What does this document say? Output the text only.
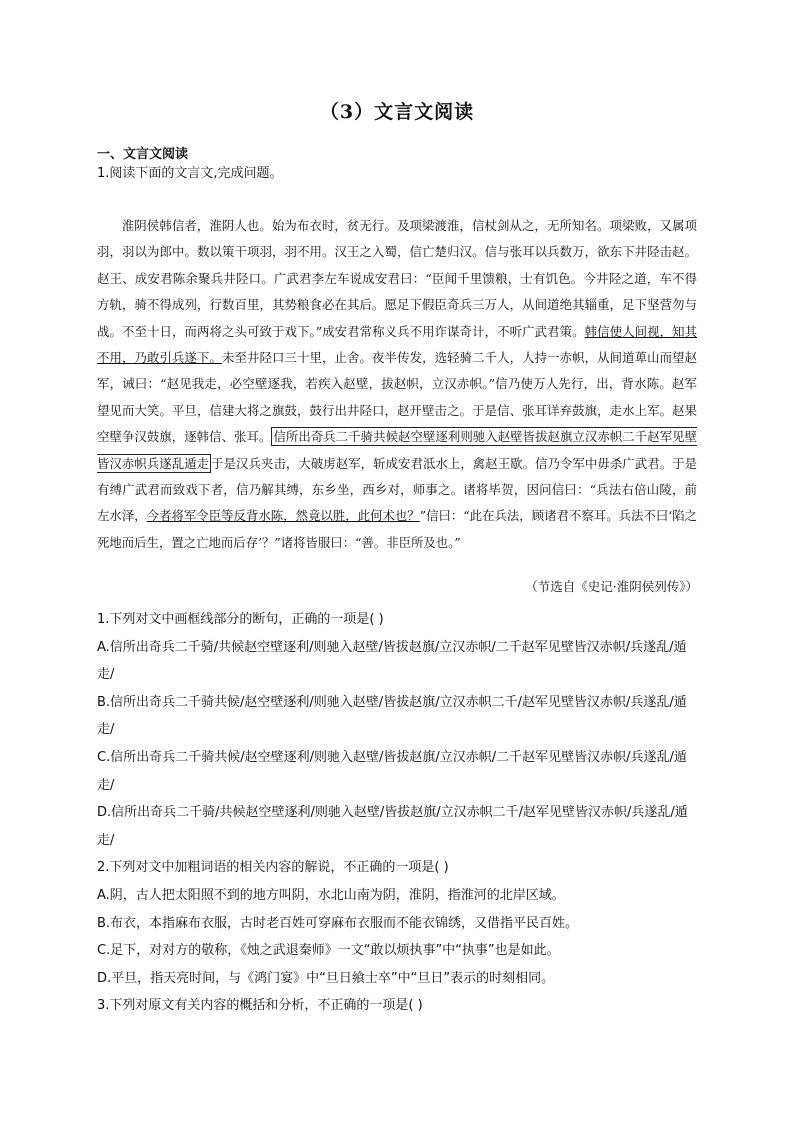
（3）文言文阅读
一、文言文阅读
1.阅读下面的文言文,完成问题。

淮阴侯韩信者，淮阴人也。始为布衣时，贫无行。及项梁渡淮，信杖剑从之，无所知名。项梁败，又属项羽，羽以为郎中。数以策干项羽，羽不用。汉王之入蜀，信亡楚归汉。信与张耳以兵数万，欲东下井陉击赵。赵王、成安君陈余聚兵井陉口。广武君李左车说成安君曰：“臣闻千里馈粮，士有饥色。今井陉之道，车不得方轨，骑不得成列，行数百里，其势粮食必在其后。愿足下假臣奇兵三万人，从间道绝其辎重，足下坚营勿与战。不至十日，而两将之头可致于戏下。”成安君常称义兵不用诈谋奇计，不听广武君策。韩信使人间视，知其不用，乃敢引兵遂下。未至井陉口三十里，止舍。夜半传发，选轻骑二千人，人持一赤帜，从间道萆山而望赵军，诫曰：“赵见我走，必空壁逐我，若疾入赵壁，拔赵帜，立汉赤帜。”信乃使万人先行，出，背水陈。赵军望见而大笑。平旦，信建大将之旗鼓，鼓行出井陉口，赵开壁击之。于是信、张耳详弃鼓旗，走水上军。赵果空壁争汉鼓旗，逐韩信、张耳。 信所出奇兵二千骑共候赵空壁逐利则驰入赵壁皆拔赵旗立汉赤帜二千赵军见壁皆汉赤帜兵遂乱遁走 于是汉兵夹击，大破虏赵军，斩成安君泜水上，禽赵王歇。信乃令军中毋杀广武君。于是有缚广武君而致戏下者，信乃解其缚，东乡坐，西乡对，师事之。诸将毕贺，因问信曰：“兵法右倍山陵，前左水泽，今者将军令臣等反背水陈，然竟以胜，此何术也？”信曰：“此在兵法，顾诸君不察耳。兵法不曰‘陷之死地而后生，置之亡地而后存’？”诸将皆服曰：“善。非臣所及也。”

（节选自《史记·淮阴侯列传》）

1.下列对文中画框线部分的断句，正确的一项是( )

A.信所出奇兵二千骑/共候赵空壁逐利/则驰入赵壁/皆拔赵旗/立汉赤帜/二千赵军见壁皆汉赤帜/兵遂乱/遁走/

B.信所出奇兵二千骑共候/赵空壁逐利/则驰入赵壁/皆拔赵旗/立汉赤帜二千/赵军见壁皆汉赤帜/兵遂乱/遁走/

C.信所出奇兵二千骑共候/赵空壁逐利/则驰入赵壁/皆拔赵旗/立汉赤帜/二千赵军见壁皆汉赤帜/兵遂乱/遁走/

D.信所出奇兵二千骑/共候赵空壁逐利/则驰入赵壁/皆拔赵旗/立汉赤帜二千/赵军见壁皆汉赤帜/兵遂乱/遁走/

2.下列对文中加粗词语的相关内容的解说，不正确的一项是( )

A.阴，古人把太阳照不到的地方叫阴，水北山南为阴，淮阴，指淮河的北岸区域。

B.布衣，本指麻布衣服，古时老百姓可穿麻布衣服而不能衣锦绣，又借指平民百姓。

C.足下，对对方的敬称，《烛之武退秦师》一文“敢以烦执事”中“执事”也是如此。

D.平旦，指天亮时间，与《鸿门宴》中“旦日飨士卒”中“旦日”表示的时刻相同。

3.下列对原文有关内容的概括和分析，不正确的一项是( )
